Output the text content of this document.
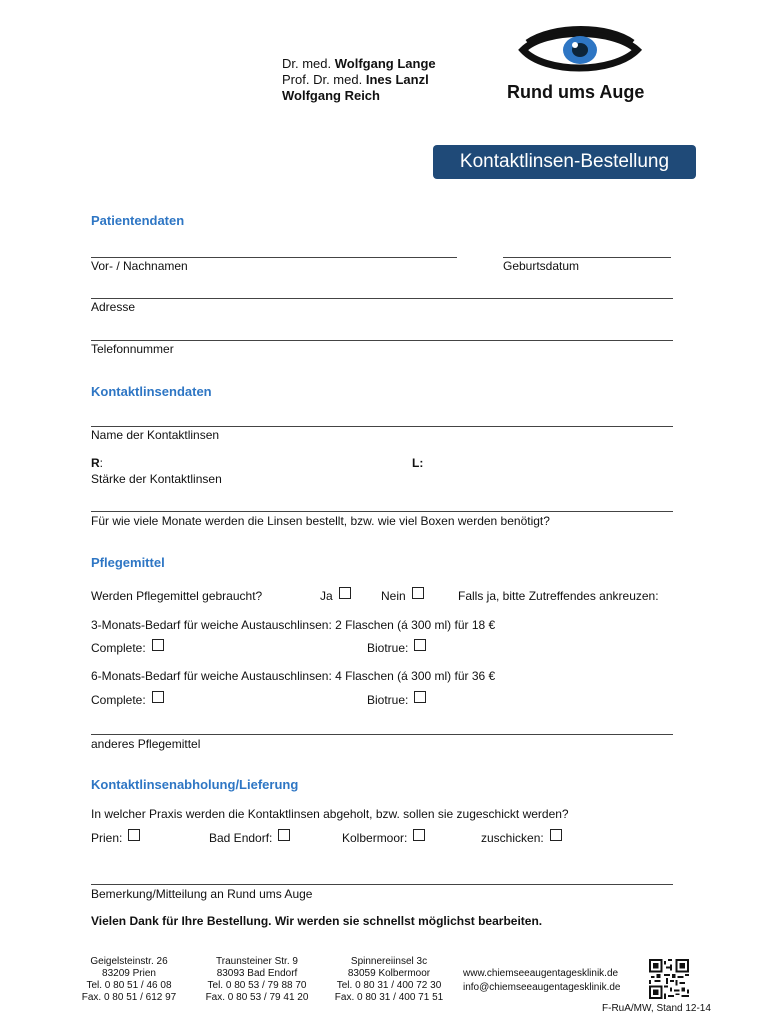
Dr. med. Wolfgang Lange
Prof. Dr. med. Ines Lanzl
Wolfgang Reich	Rund ums Auge
Kontaktlinsen-Bestellung
Patientendaten
Vor- / Nachnamen	Geburtsdatum
Adresse
Telefonnummer
Kontaktlinsendaten
Name der Kontaktlinsen
R:	L:
Stärke der Kontaktlinsen
Für wie viele Monate werden die Linsen bestellt, bzw. wie viel Boxen werden benötigt?
Pflegemittel
Werden Pflegemittel gebraucht?	Ja	Nein	Falls ja, bitte Zutreffendes ankreuzen:
3-Monats-Bedarf für weiche Austauschlinsen: 2 Flaschen (á 300 ml) für 18 €
Complete:	Biotrue:
6-Monats-Bedarf für weiche Austauschlinsen: 4 Flaschen (á 300 ml) für 36 €
Complete:	Biotrue:
anderes Pflegemittel
Kontaktlinsenabholung/Lieferung
In welcher Praxis werden die Kontaktlinsen abgeholt, bzw. sollen sie zugeschickt werden?
Prien:	Bad Endorf:	Kolbermoor:	zuschicken:
Bemerkung/Mitteilung an Rund ums Auge
Vielen Dank für Ihre Bestellung. Wir werden sie schnellst möglichst bearbeiten.
Geigelsteinstr. 26
83209 Prien
Tel. 0 80 51 / 46 08
Fax. 0 80 51 / 612 97
Traunsteiner Str. 9
83093 Bad Endorf
Tel. 0 80 53 / 79 88 70
Fax. 0 80 53 / 79 41 20
Spinnereiinsel 3c
83059 Kolbermoor
Tel. 0 80 31 / 400 72 30
Fax. 0 80 31 / 400 71 51
www.chiemseeaugentagesklinik.de
info@chiemseeaugentagesklinik.de
F-RuA/MW, Stand 12-14
